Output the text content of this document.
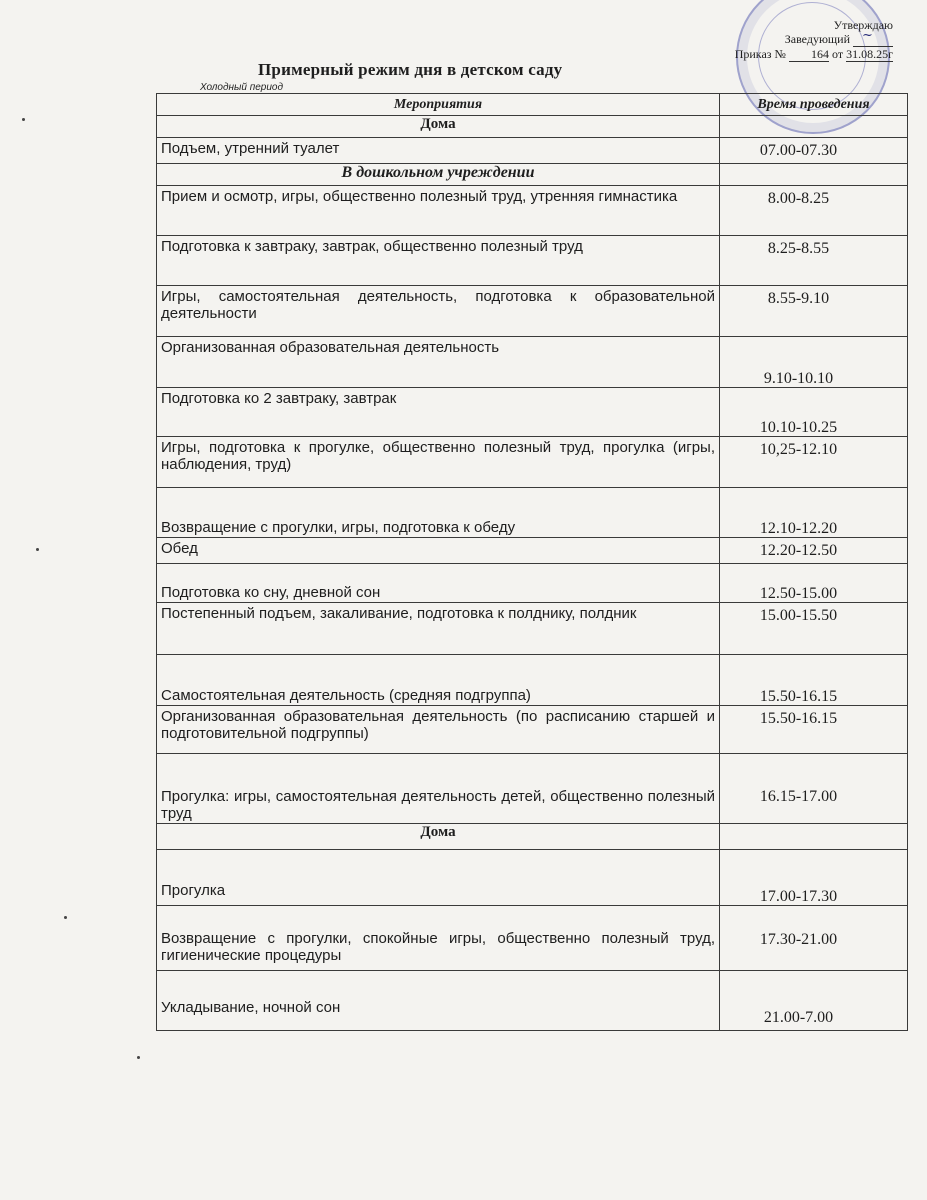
Утверждаю
Заведующий
Приказ № 164 от 31.08.25г
~
Примерный режим дня в детском саду
Холодный период
Мероприятия	Время проведения
Дома	
Подъем, утренний туалет	07.00-07.30
В дошкольном учреждении	
Прием и осмотр, игры, общественно полезный труд, утренняя гимнастика	8.00-8.25
Подготовка к завтраку, завтрак, общественно полезный труд	8.25-8.55
Игры, самостоятельная деятельность, подготовка к образовательной деятельности	8.55-9.10
Организованная образовательная деятельность	9.10-10.10
Подготовка ко 2 завтраку, завтрак	10.10-10.25
Игры, подготовка к прогулке, общественно полезный труд, прогулка (игры, наблюдения, труд)	10,25-12.10
Возвращение с прогулки, игры, подготовка к обеду	12.10-12.20
Обед	12.20-12.50
Подготовка ко сну, дневной сон	12.50-15.00
Постепенный подъем, закаливание, подготовка к полднику, полдник	15.00-15.50
Самостоятельная деятельность (средняя подгруппа)	15.50-16.15
Организованная образовательная деятельность (по расписанию старшей и подготовительной подгруппы)	15.50-16.15
Прогулка: игры, самостоятельная деятельность детей, общественно полезный труд	16.15-17.00
Дома	
Прогулка	17.00-17.30
Возвращение с прогулки, спокойные игры, общественно полезный труд, гигиенические процедуры	17.30-21.00
Укладывание, ночной сон	21.00-7.00
